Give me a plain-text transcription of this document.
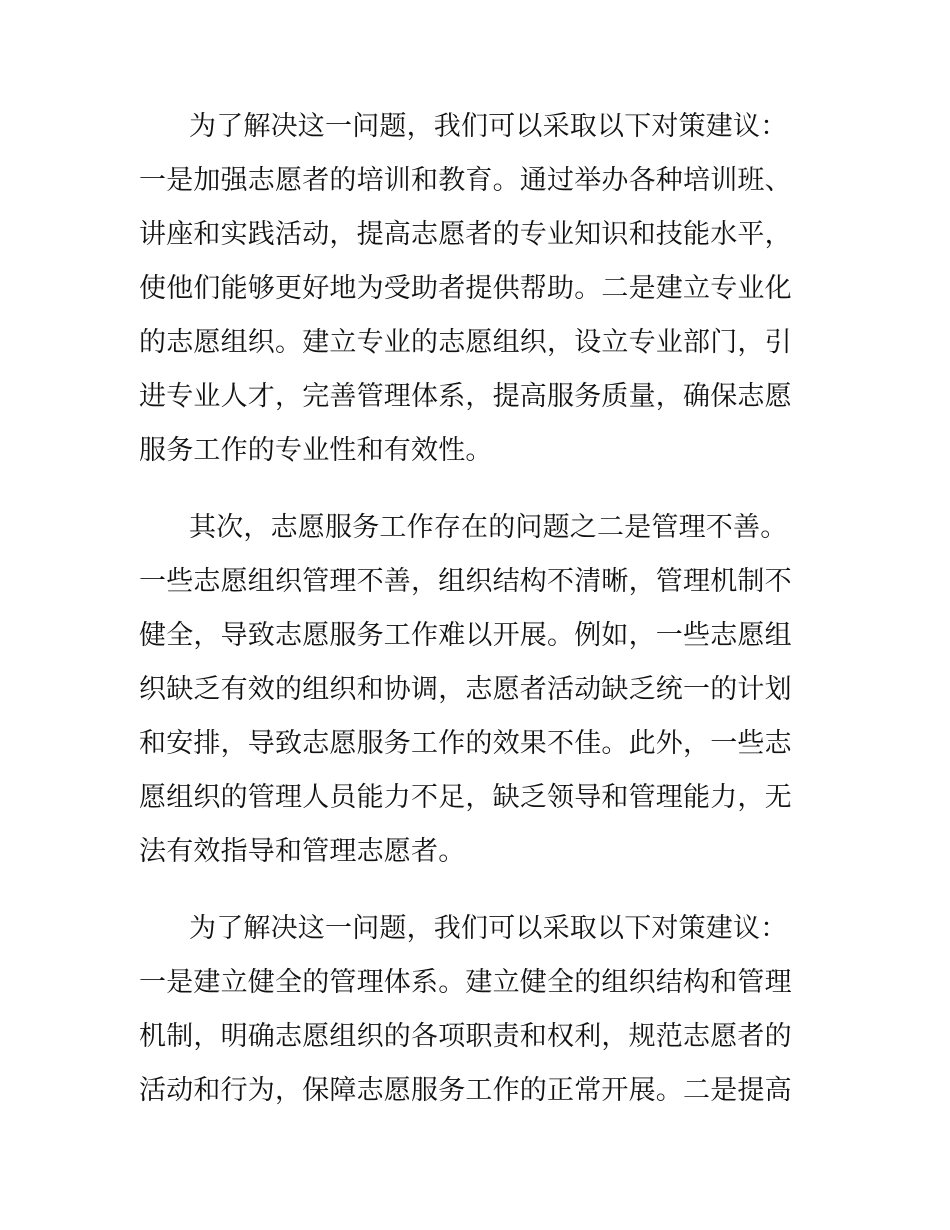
为了解决这一问题，我们可以采取以下对策建议：
一是加强志愿者的培训和教育。通过举办各种培训班、
讲座和实践活动，提高志愿者的专业知识和技能水平，
使他们能够更好地为受助者提供帮助。二是建立专业化
的志愿组织。建立专业的志愿组织，设立专业部门，引
进专业人才，完善管理体系，提高服务质量，确保志愿
服务工作的专业性和有效性。
其次，志愿服务工作存在的问题之二是管理不善。
一些志愿组织管理不善，组织结构不清晰，管理机制不
健全，导致志愿服务工作难以开展。例如，一些志愿组
织缺乏有效的组织和协调，志愿者活动缺乏统一的计划
和安排，导致志愿服务工作的效果不佳。此外，一些志
愿组织的管理人员能力不足，缺乏领导和管理能力，无
法有效指导和管理志愿者。
为了解决这一问题，我们可以采取以下对策建议：
一是建立健全的管理体系。建立健全的组织结构和管理
机制，明确志愿组织的各项职责和权利，规范志愿者的
活动和行为，保障志愿服务工作的正常开展。二是提高
